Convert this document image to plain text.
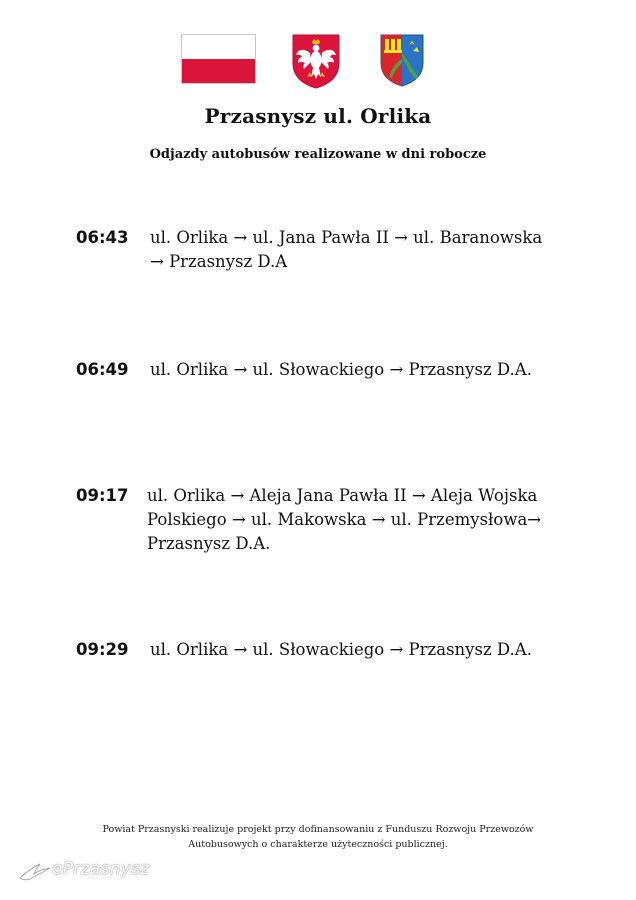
Przasnysz ul. Orlika
Odjazdy autobusów realizowane w dni robocze
06:43	ul. Orlika → ul. Jana Pawła II → ul. Baranowska
→ Przasnysz D.A
06:49	ul. Orlika → ul. Słowackiego → Przasnysz D.A.
09:17	ul. Orlika → Aleja Jana Pawła II → Aleja Wojska
Polskiego → ul. Makowska → ul. Przemysłowa→
Przasnysz D.A.
09:29	ul. Orlika → ul. Słowackiego → Przasnysz D.A.
Powiat Przasnyski realizuje projekt przy dofinansowaniu z Funduszu Rozwoju Przewozów
Autobusowych o charakterze użyteczności publicznej.
ePrzasnysz
